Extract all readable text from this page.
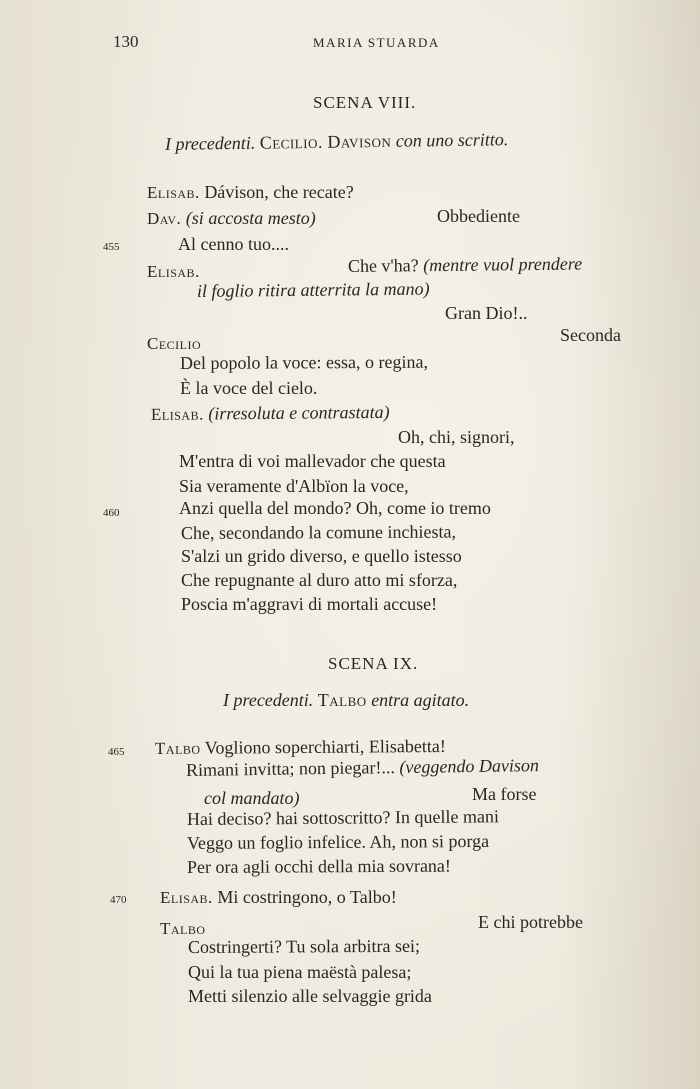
130	MARIA STUARDA
SCENA VIII.
I precedenti. Cecilio. Davison con uno scritto.
Elisab. Dávison, che recate?
Dav. (si accosta mesto)	Obbediente
455	Al cenno tuo....
Elisab.	Che v'ha? (mentre vuol prendere
il foglio ritira atterrita la mano)
Gran Dio!..
Seconda
Cecilio
Del popolo la voce: essa, o regina,
È la voce del cielo.
Elisab. (irresoluta e contrastata)
Oh, chi, signori,
M'entra di voi mallevador che questa
Sia veramente d'Albïon la voce,
460	Anzi quella del mondo? Oh, come io tremo
Che, secondando la comune inchiesta,
S'alzi un grido diverso, e quello istesso
Che repugnante al duro atto mi sforza,
Poscia m'aggravi di mortali accuse!
SCENA IX.
I precedenti. Talbo entra agitato.
465 Talbo Vogliono soperchiarti, Elisabetta!
Rimani invitta; non piegar!... (veggendo Davison
col mandato)	Ma forse
Hai deciso? hai sottoscritto? In quelle mani
Veggo un foglio infelice. Ah, non si porga
Per ora agli occhi della mia sovrana!
470 Elisab. Mi costringono, o Talbo!
Talbo	E chi potrebbe
Costringerti? Tu sola arbitra sei;
Qui la tua piena maëstà palesa;
Metti silenzio alle selvaggie grida
